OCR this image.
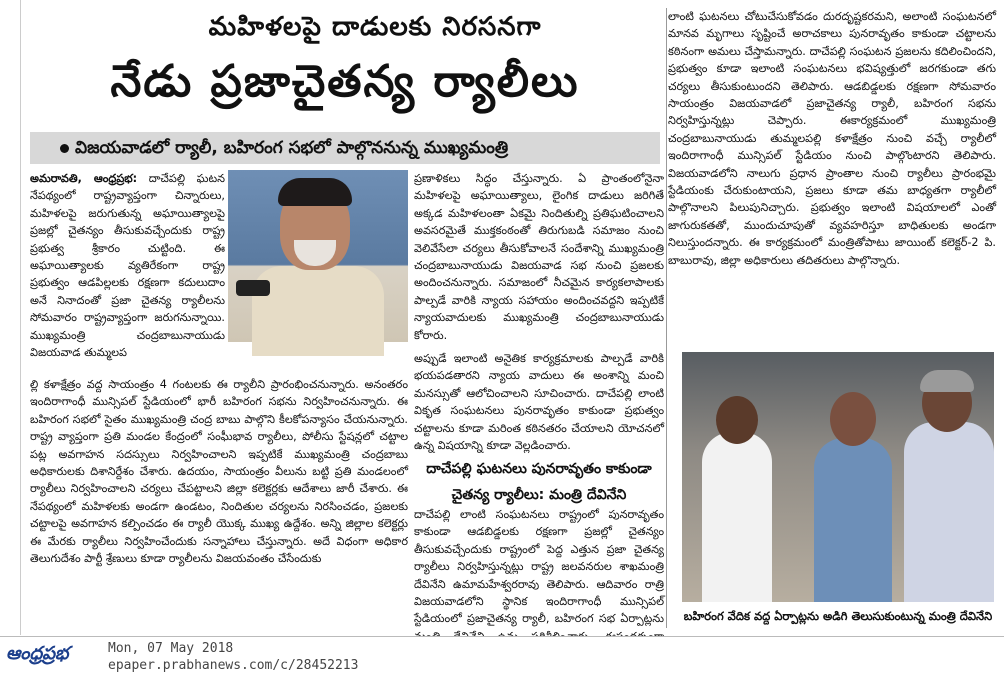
మహిళలపై దాడులకు నిరసనగా
నేడు ప్రజాచైతన్య ర్యాలీలు
విజయవాడలో ర్యాలీ, బహిరంగ సభలో పాల్గొననున్న ముఖ్యమంత్రి

అమరావతి, ఆంధ్రప్రభ: దాచేపల్లి ఘటన నేపథ్యంలో రాష్ట్రవ్యాప్తంగా చిన్నారులు, మహిళలపై జరుగుతున్న అఘాయిత్యాలపై ప్రజల్లో చైతన్యం తీసుకువచ్చేందుకు రాష్ట్ర ప్రభుత్వ శ్రీకారం చుట్టింది. ఈ అఘాయిత్యాలకు వ్యతిరేకంగా రాష్ట్ర ప్రభుత్వం ఆడపిల్లలకు రక్షణగా కదులుదాం అనే నినాదంతో ప్రజా చైతన్య ర్యాలీలను సోమవారం రాష్ట్రవ్యాప్తంగా జరుగనున్నాయి. ముఖ్యమంత్రి చంద్రబాబునాయుడు విజయవాడ తుమ్మలప

ల్లి కళాక్షేత్రం వద్ద సాయంత్రం 4 గంటలకు ఈ ర్యాలీని ప్రారంభించనున్నారు. అనంతరం ఇందిరాగాంధీ మున్సిపల్ స్టేడియంలో భారీ బహిరంగ సభను నిర్వహించనున్నారు. ఈ బహిరంగ సభలో సైతం ముఖ్యమంత్రి చంద్ర బాబు పాల్గొని కీలకోపన్యాసం చేయనున్నారు. రాష్ట్ర వ్యాప్తంగా ప్రతి మండల కేంద్రంలో సంఘీభావ ర్యాలీలు, పోలీసు స్టేషన్లలో చట్టాల పట్ల అవగాహన సదస్సులు నిర్వహించాలని ఇప్పటికే ముఖ్యమంత్రి చంద్రబాబు అధికారులకు దిశానిర్దేశం చేశారు. ఉదయం, సాయంత్రం వీలును బట్టి ప్రతి మండలంలో ర్యాలీలు నిర్వహించాలని చర్యలు చేపట్టాలని జిల్లా కలెక్టర్లకు ఆదేశాలు జారీ చేశారు. ఈ నేపథ్యంలో మహిళలకు అండగా ఉండటం, నిందితుల చర్యలను నిరసించడం, ప్రజలకు చట్టాలపై అవగాహన కల్పించడం ఈ ర్యాలీ యొక్క ముఖ్య ఉద్దేశం. అన్ని జిల్లాల కలెక్టర్లు ఈ మేరకు ర్యాలీలు నిర్వహించేందుకు సన్నాహాలు చేస్తున్నారు. అదే విధంగా అధికార తెలుగుదేశం పార్టీ శ్రేణులు కూడా ర్యాలీలను విజయవంతం చేసేందుకు

ప్రణాళికలు సిద్ధం చేస్తున్నారు. ఏ ప్రాంతంలోనైనా మహిళలపై అఘాయిత్యాలు, లైంగిక దాడులు జరిగితే అక్కడ మహిళలంతా ఏకమై నిందితుల్ని ప్రతిఘటించాలని అవసరమైతే ముక్తకంఠంతో తిరుగుబడి సమాజం నుంచి వెలివేసేలా చర్యలు తీసుకోవాలనే సందేశాన్ని ముఖ్యమంత్రి చంద్రబాబునాయుడు విజయవాడ సభ నుంచి ప్రజలకు అందించనున్నారు. సమాజంలో నీచమైన కార్యకలాపాలకు పాల్పడే వారికి న్యాయ సహాయం అందించవద్దని ఇప్పటికే న్యాయవాదులకు ముఖ్యమంత్రి చంద్రబాబునాయుడు కోరారు.

అప్పుడే ఇలాంటి అనైతిక కార్యక్రమాలకు పాల్పడే వారికి భయపడతారని న్యాయ వాదులు ఈ అంశాన్ని మంచి మనస్సుతో ఆలోచించాలని సూచించారు. దాచేపల్లి లాంటి వికృత సంఘటనలు పునరావృతం కాకుండా ప్రభుత్వం చట్టాలను కూడా మరింత కఠినతరం చేయాలని యోచనలో ఉన్న విషయాన్ని కూడా వెల్లడించారు.

దాచేపల్లి ఘటనలు పునరావృతం కాకుండా
చైతన్య ర్యాలీలు: మంత్రి దేవినేని

దాచేపల్లి లాంటి సంఘటనలు రాష్ట్రంలో పునరావృతం కాకుండా ఆడబిడ్డలకు రక్షణగా ప్రజల్లో చైతన్యం తీసుకువచ్చేందుకు రాష్ట్రంలో పెద్ద ఎత్తున ప్రజా చైతన్య ర్యాలీలు నిర్వహిస్తున్నట్లు రాష్ట్ర జలవనరుల శాఖమంత్రి దేవినేని ఉమామహేశ్వరరావు తెలిపారు. ఆదివారం రాత్రి విజయవాడలోని స్థానిక ఇందిరాగాంధీ మున్సిపల్ స్టేడియంలో ప్రజాచైతన్య ర్యాలీ, బహిరంగ సభ ఏర్పాట్లను

లాంటి ఘటనలు చోటుచేసుకోవడం దురదృష్టకరమని, అలాంటి సంఘటనలో మానవ మృగాలు సృష్టించే అరాచకాలు పునరావృతం కాకుండా చట్టాలను కఠినంగా అమలు చేస్తామన్నారు. దాచేపల్లి సంఘటన ప్రజలను కదిలించిందని, ప్రభుత్వం కూడా ఇలాంటి సంఘటనలు భవిష్యత్తులో జరగకుండా తగు చర్యలు తీసుకుంటుందని తెలిపారు. ఆడబిడ్డలకు రక్షణగా సోమవారం సాయంత్రం విజయవాడలో ప్రజాచైతన్య ర్యాలీ, బహిరంగ సభను నిర్వహిస్తున్నట్లు చెప్పారు. ఈకార్యక్రమంలో ముఖ్యమంత్రి చంద్రబాబునాయుడు తుమ్మలపల్లి కళాక్షేత్రం నుంచి వచ్చే ర్యాలీలో ఇందిరాగాంధీ మున్సిపల్ స్టేడియం నుంచి పాల్గొంటారని తెలిపారు. విజయవాడలోని నాలుగు ప్రధాన ప్రాంతాల నుంచి ర్యాలీలు ప్రారంభమై స్టేడియంకు చేరుకుంటాయని, ప్రజలు కూడా తమ బాధ్యతగా ర్యాలీలో పాల్గొనాలని పిలుపునిచ్చారు. ప్రభుత్వం ఇలాంటి విషయాలలో ఎంతో జాగురుకతతో, ముందుచూపుతో వ్యవహరిస్తూ బాధితులకు అండగా నిలుస్తుందన్నారు. ఈ కార్యక్రమంలో మంత్రితోపాటు జాయింట్ కలెక్టర్-2 పి. బాబురావు, జిల్లా అధికారులు తదితరులు పాల్గొన్నారు.

బహిరంగ వేదిక వద్ద ఏర్పాట్లను అడిగి తెలుసుకుంటున్న మంత్రి దేవినేని
ఆంధ్రప్రభ	Mon, 07 May 2018
epaper.prabhanews.com/c/28452213
